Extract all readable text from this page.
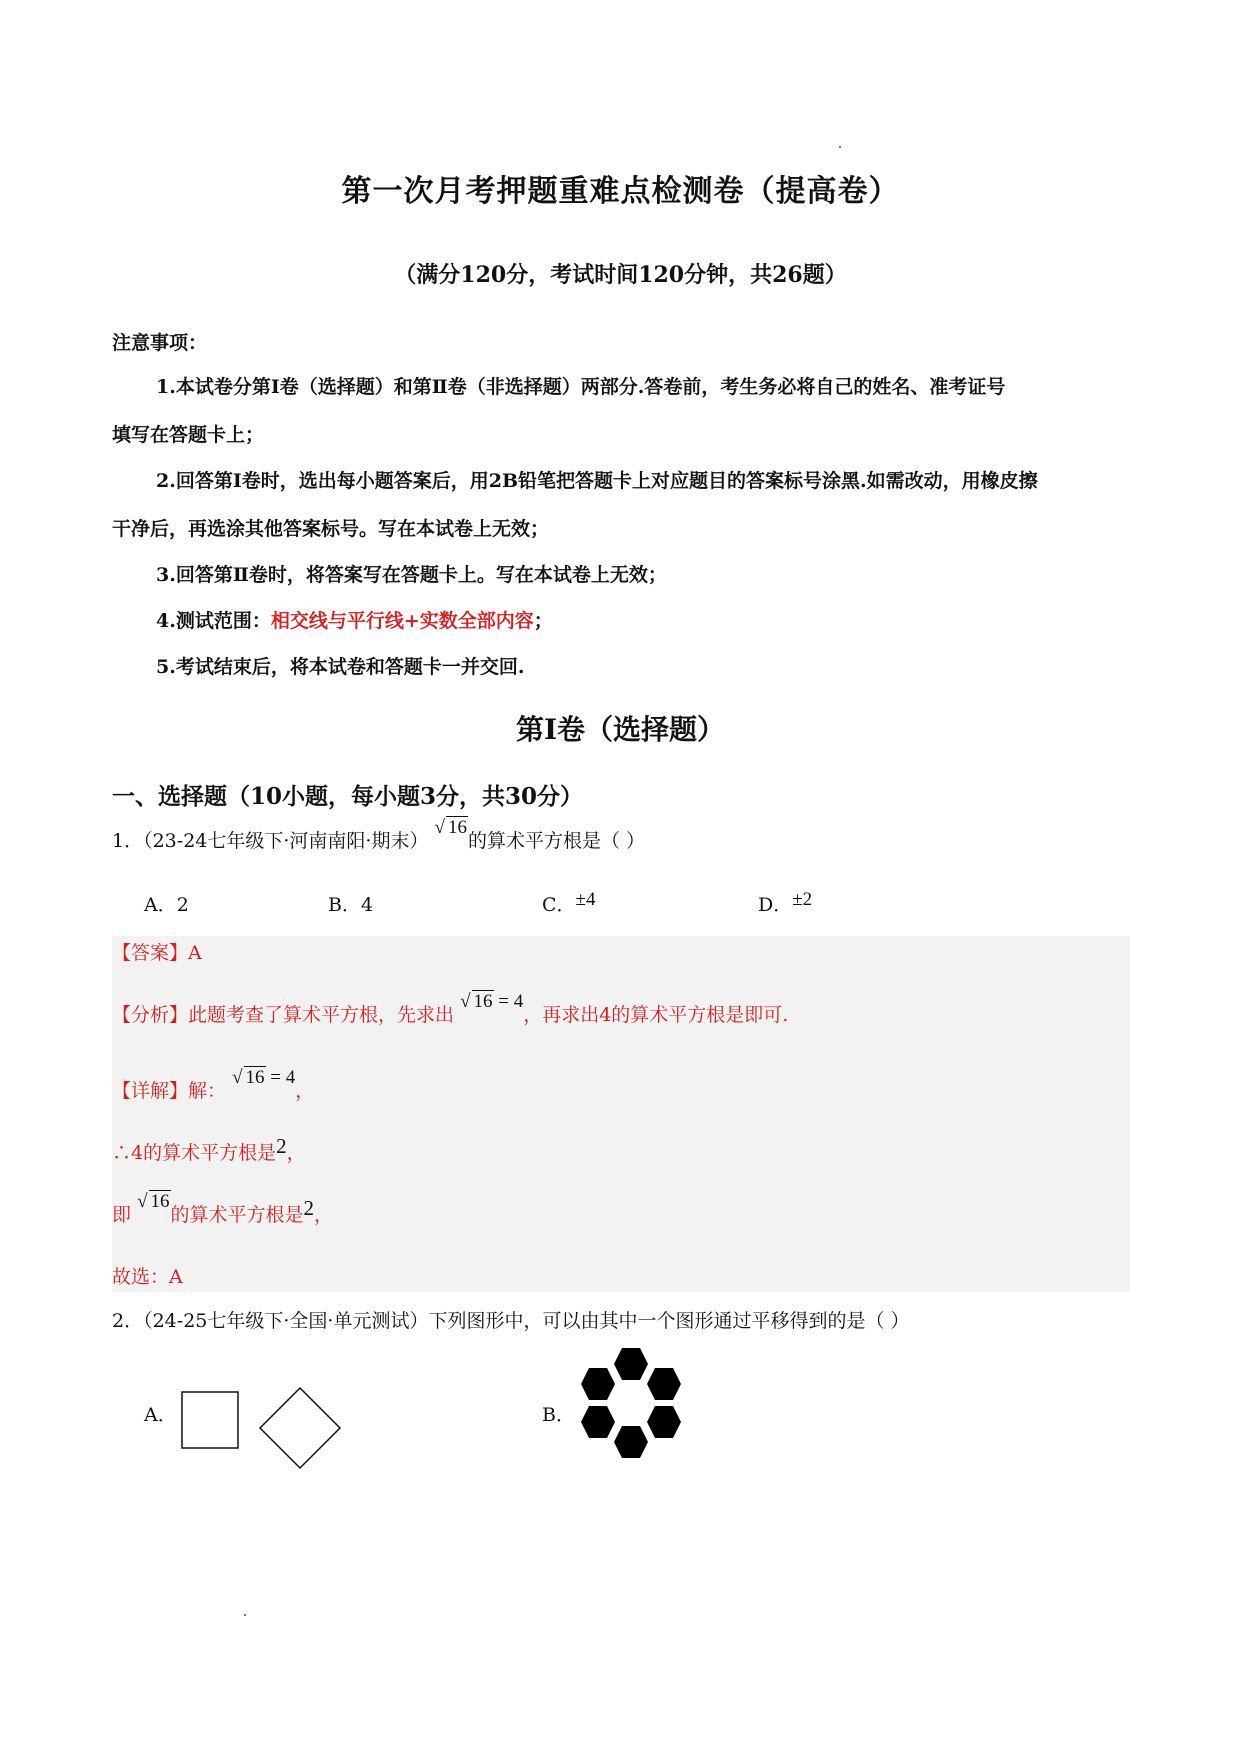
第一次月考押题重难点检测卷（提高卷）
（满分120分，考试时间120分钟，共26题）
注意事项：
1.本试卷分第Ⅰ卷（选择题）和第Ⅱ卷（非选择题）两部分.答卷前，考生务必将自己的姓名、准考证号
填写在答题卡上；
2.回答第Ⅰ卷时，选出每小题答案后，用2B铅笔把答题卡上对应题目的答案标号涂黑.如需改动，用橡皮擦
干净后，再选涂其他答案标号。写在本试卷上无效；
3.回答第Ⅱ卷时，将答案写在答题卡上。写在本试卷上无效；
4.测试范围：相交线与平行线+实数全部内容；
5.考试结束后，将本试卷和答题卡一并交回.
第I卷（选择题）
一、选择题（10小题，每小题3分，共30分）
1．（23-24七年级下·河南南阳·期末） √ 16的算术平方根是（ ）
A．2	B．4	C．±4	D．±2
【答案】A
【分析】此题考查了算术平方根，先求出 √ 16 = 4，再求出4的算术平方根是即可.
【详解】解： √ 16 = 4，
∴4的算术平方根是2，
即 √ 16的算术平方根是2，
故选：A
2．（24-25七年级下·全国·单元测试）下列图形中，可以由其中一个图形通过平移得到的是（ ）
A．	B．
